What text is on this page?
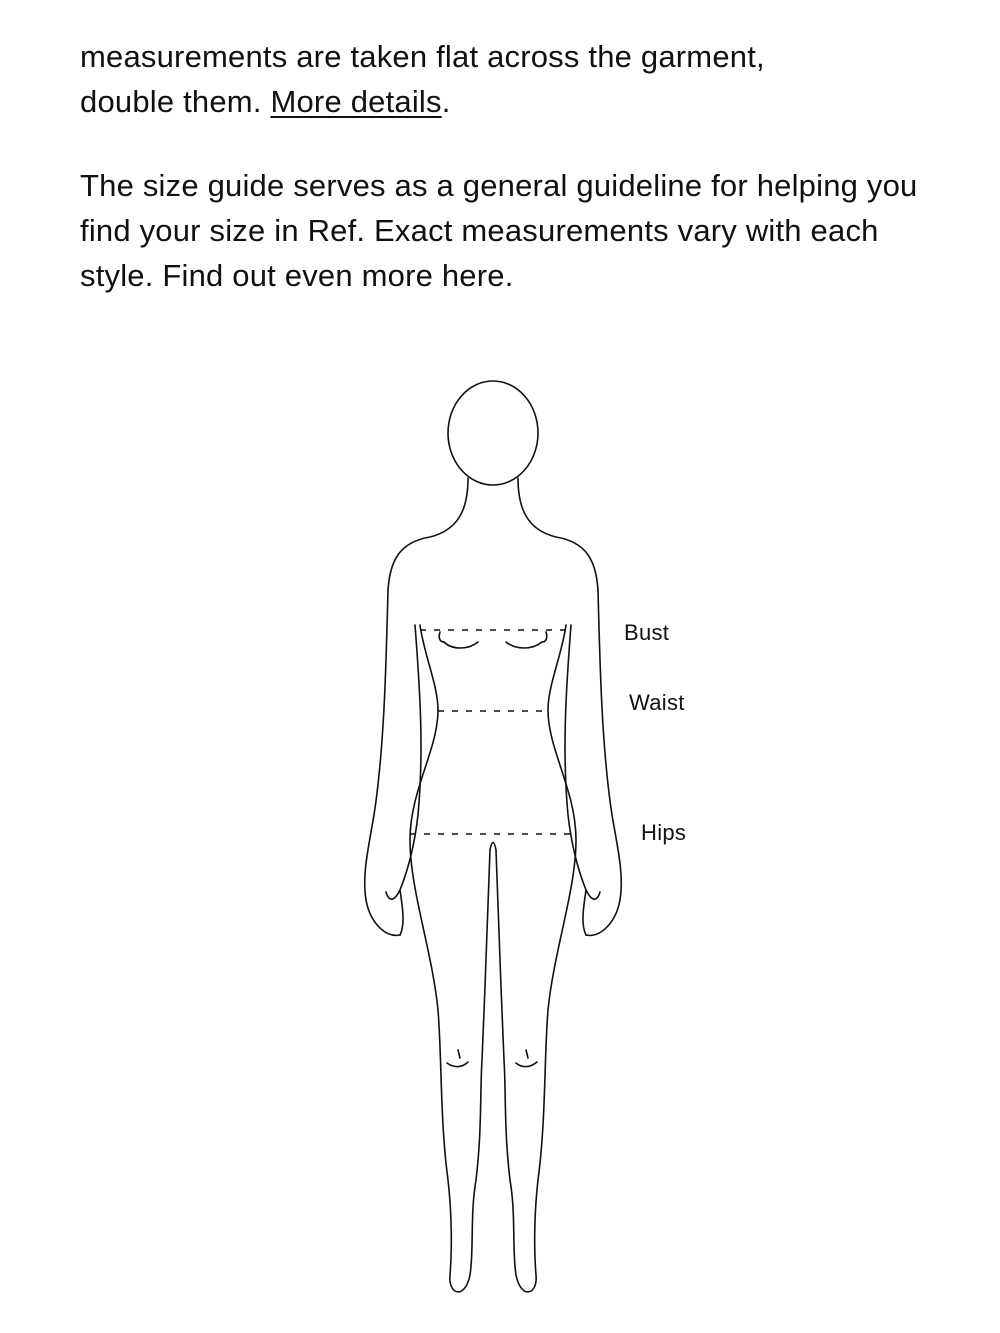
measurements are taken flat across the garment,
double them. More details.

The size guide serves as a general guideline for helping you find your size in Ref. Exact measurements vary with each style. Find out even more here.

Bust
Waist
Hips
